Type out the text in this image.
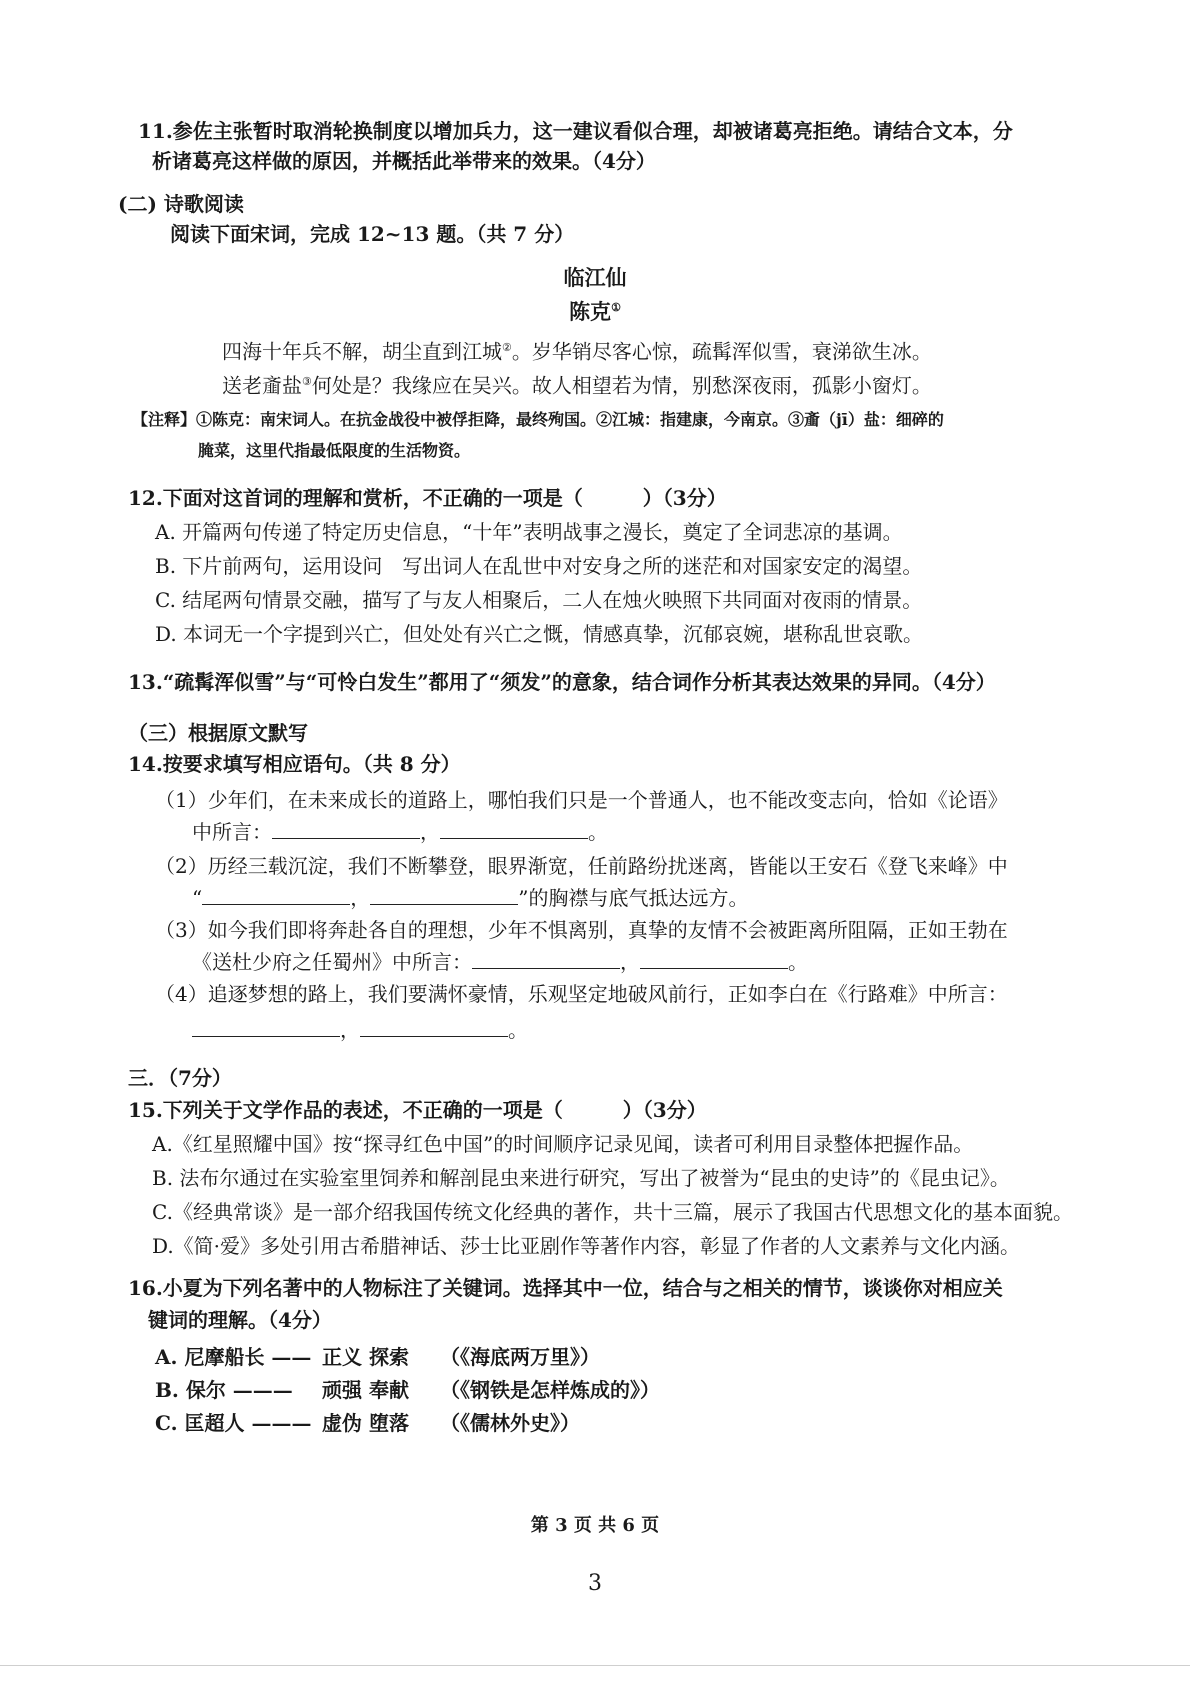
11.参佐主张暂时取消轮换制度以增加兵力，这一建议看似合理，却被诸葛亮拒绝。请结合文本，分
析诸葛亮这样做的原因，并概括此举带来的效果。（4分）
(二) 诗歌阅读
阅读下面宋词，完成 12~13 题。（共 7 分）
临江仙
陈克①
四海十年兵不解，胡尘直到江城②。岁华销尽客心惊，疏髯浑似雪，衰涕欲生冰。
送老齑盐③何处是？我缘应在吴兴。故人相望若为情，别愁深夜雨，孤影小窗灯。
【注释】①陈克：南宋词人。在抗金战役中被俘拒降，最终殉国。②江城：指建康，今南京。③齑（jī）盐：细碎的
腌菜，这里代指最低限度的生活物资。
12.下面对这首词的理解和赏析，不正确的一项是（　　　）（3分）
A. 开篇两句传递了特定历史信息，“十年”表明战事之漫长，奠定了全词悲凉的基调。
B. 下片前两句，运用设问　写出词人在乱世中对安身之所的迷茫和对国家安定的渴望。
C. 结尾两句情景交融，描写了与友人相聚后，二人在烛火映照下共同面对夜雨的情景。
D. 本词无一个字提到兴亡，但处处有兴亡之慨，情感真挚，沉郁哀婉，堪称乱世哀歌。
13.“疏髯浑似雪”与“可怜白发生”都用了“须发”的意象，结合词作分析其表达效果的异同。（4分）
（三）根据原文默写
14.按要求填写相应语句。（共 8 分）
（1）少年们，在未来成长的道路上，哪怕我们只是一个普通人，也不能改变志向，恰如《论语》
中所言：	，	。
（2）历经三载沉淀，我们不断攀登，眼界渐宽，任前路纷扰迷离，皆能以王安石《登飞来峰》中
“	，	”的胸襟与底气抵达远方。
（3）如今我们即将奔赴各自的理想，少年不惧离别，真挚的友情不会被距离所阻隔，正如王勃在
《送杜少府之任蜀州》中所言：	，	。
（4）追逐梦想的路上，我们要满怀豪情，乐观坚定地破风前行，正如李白在《行路难》中所言：
，	。
三．（7分）
15.下列关于文学作品的表述，不正确的一项是（　　　）（3分）
A.《红星照耀中国》按“探寻红色中国”的时间顺序记录见闻，读者可利用目录整体把握作品。
B. 法布尔通过在实验室里饲养和解剖昆虫来进行研究，写出了被誉为“昆虫的史诗”的《昆虫记》。
C.《经典常谈》是一部介绍我国传统文化经典的著作，共十三篇，展示了我国古代思想文化的基本面貌。
D.《简·爱》多处引用古希腊神话、莎士比亚剧作等著作内容，彰显了作者的人文素养与文化内涵。
16.小夏为下列名著中的人物标注了关键词。选择其中一位，结合与之相关的情节，谈谈你对相应关
键词的理解。（4分）
A. 尼摩船长 —— 正义 探索 （《海底两万里》）
B. 保尔 ——— 顽强 奉献 （《钢铁是怎样炼成的》）
C. 匡超人 ——— 虚伪 堕落 （《儒林外史》）
第 3 页 共 6 页
3
